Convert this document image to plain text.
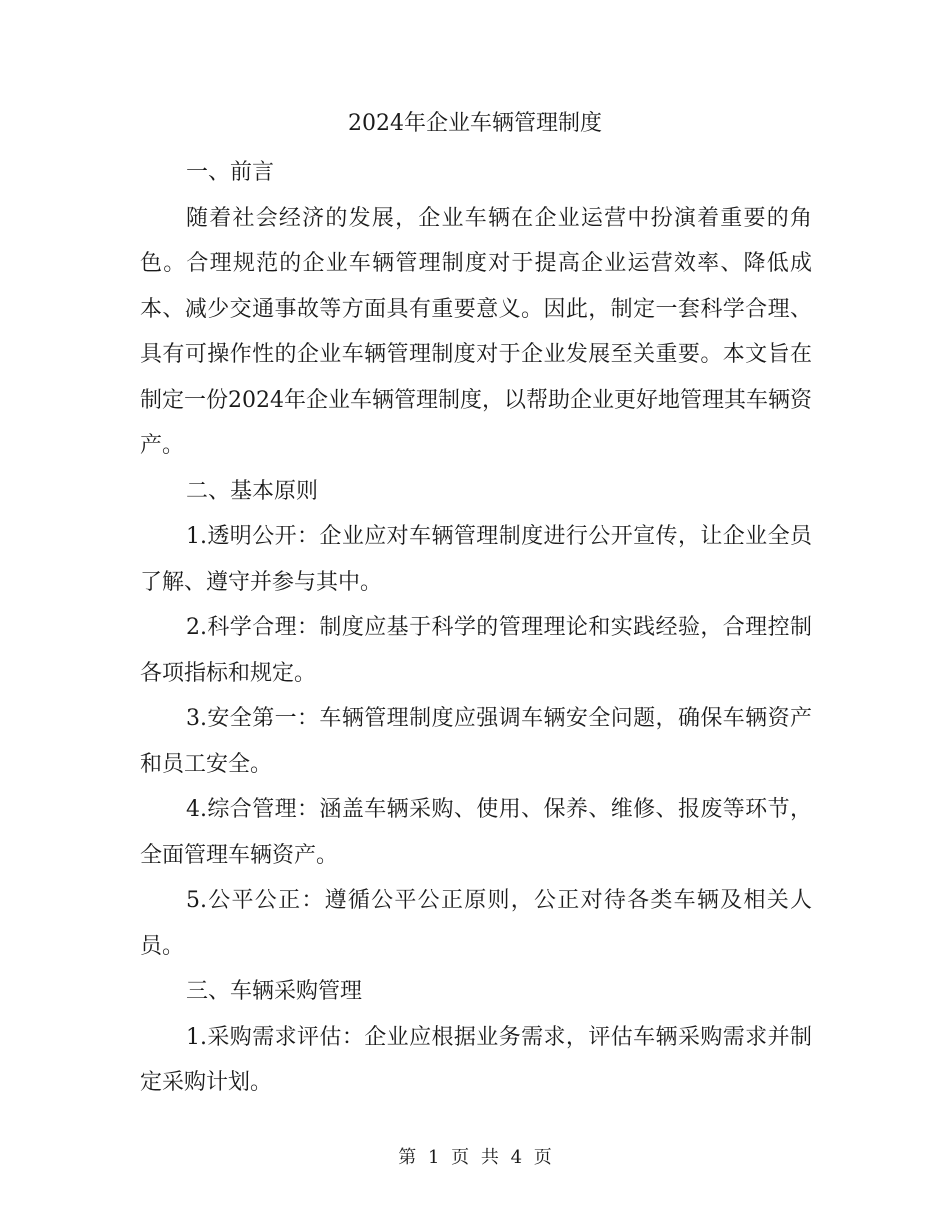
2024年企业车辆管理制度

一、前言

随着社会经济的发展，企业车辆在企业运营中扮演着重要的角色。合理规范的企业车辆管理制度对于提高企业运营效率、降低成本、减少交通事故等方面具有重要意义。因此，制定一套科学合理、具有可操作性的企业车辆管理制度对于企业发展至关重要。本文旨在制定一份2024年企业车辆管理制度，以帮助企业更好地管理其车辆资产。

二、基本原则

1.透明公开：企业应对车辆管理制度进行公开宣传，让企业全员了解、遵守并参与其中。

2.科学合理：制度应基于科学的管理理论和实践经验，合理控制各项指标和规定。

3.安全第一：车辆管理制度应强调车辆安全问题，确保车辆资产和员工安全。

4.综合管理：涵盖车辆采购、使用、保养、维修、报废等环节，全面管理车辆资产。

5.公平公正：遵循公平公正原则，公正对待各类车辆及相关人员。

三、车辆采购管理

1.采购需求评估：企业应根据业务需求，评估车辆采购需求并制定采购计划。

第 1 页 共 4 页
